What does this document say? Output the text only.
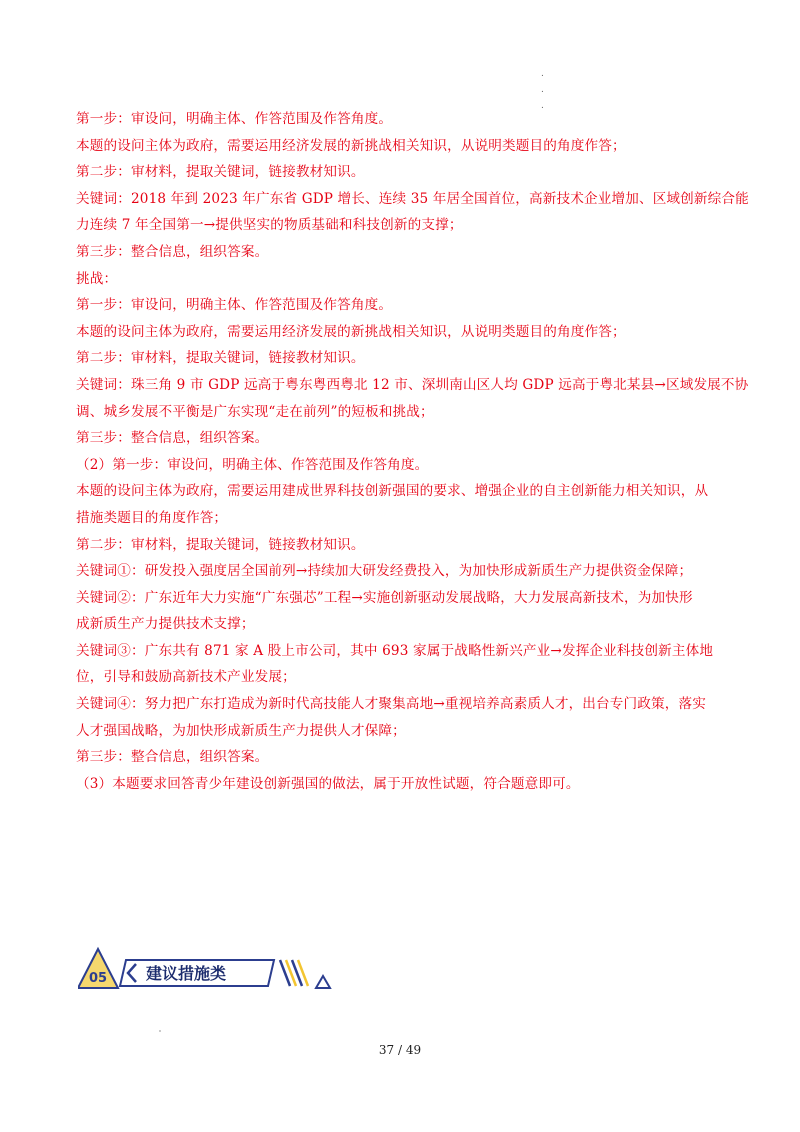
.
.
.
第一步：审设问，明确主体、作答范围及作答角度。
本题的设问主体为政府，需要运用经济发展的新挑战相关知识，从说明类题目的角度作答；
第二步：审材料，提取关键词，链接教材知识。
关键词：2018 年到 2023 年广东省 GDP 增长、连续 35 年居全国首位，高新技术企业增加、区域创新综合能
力连续 7 年全国第一→提供坚实的物质基础和科技创新的支撑；
第三步：整合信息，组织答案。
挑战：
第一步：审设问，明确主体、作答范围及作答角度。
本题的设问主体为政府，需要运用经济发展的新挑战相关知识，从说明类题目的角度作答；
第二步：审材料，提取关键词，链接教材知识。
关键词：珠三角 9 市 GDP 远高于粤东粤西粤北 12 市、深圳南山区人均 GDP 远高于粤北某县→区域发展不协
调、城乡发展不平衡是广东实现“走在前列”的短板和挑战；
第三步：整合信息，组织答案。
（2）第一步：审设问，明确主体、作答范围及作答角度。
本题的设问主体为政府，需要运用建成世界科技创新强国的要求、增强企业的自主创新能力相关知识，从
措施类题目的角度作答；
第二步：审材料，提取关键词，链接教材知识。
关键词①：研发投入强度居全国前列→持续加大研发经费投入，为加快形成新质生产力提供资金保障；
关键词②：广东近年大力实施“广东强芯”工程→实施创新驱动发展战略，大力发展高新技术，为加快形
成新质生产力提供技术支撑；
关键词③：广东共有 871 家 A 股上市公司，其中 693 家属于战略性新兴产业→发挥企业科技创新主体地
位，引导和鼓励高新技术产业发展；
关键词④：努力把广东打造成为新时代高技能人才聚集高地→重视培养高素质人才，出台专门政策，落实
人才强国战略，为加快形成新质生产力提供人才保障；
第三步：整合信息，组织答案。
（3）本题要求回答青少年建设创新强国的做法，属于开放性试题，符合题意即可。
05 建议措施类
37 / 49
